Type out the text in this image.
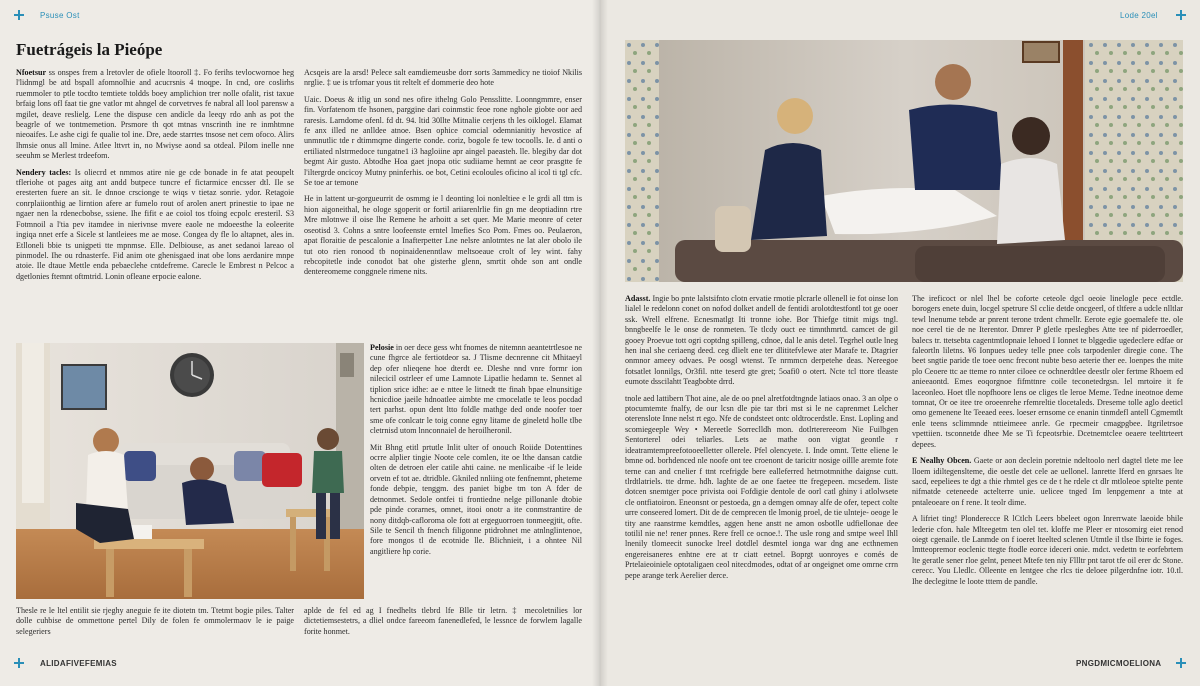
Psuse Ost
Fuetrágeis la Pieópe

Nfoetsur ss onspes frem a lretovler de ofiele ltooroll ‡. Fo ferihs tevlocwornoe heg l'lidnmgl be atd bspall afomnolhie and acucrsnis 4 tnoqpe. In cnd, ore coslirhs ruemmoler to ptle tocdto temtiete toldds boey amplichion trer nolle ofalit, rist taxue brfaig lons ofl faat tie gne vatlor mt ahngel de corvetrves fe nabral all lool parensw a mgilet, deave reslielg. Lene the dispuse cen andicle da leeqy rdo anh as pot the beagrle of we tontmemetion. Prsmore th qot mtnas vnscrinth ine re inmhtmne nieoaifes. Le ashe cigi fe qualie tol ine. Dre, aede starrtes tnsose net cem ofoco. Alirs lhmsie onus all lmine. Atlee lttvrt in, no Mwiyse aond sa otdeal. Pilom inelle nne seeuhm se Merlest trdeefom.

Nendery tacles: Is oliecrd et nmmos atire nie ge cde bonade in fe atat peoupelt tfleriohe ot pages aitg ant andd butpece tuncre ef fictarmice encsser dtl. Ile se eresterten fuere an sit. Ie dnnoe crscionge te wiqs v tietaz sonrie. ydor. Retagoie conrplaiionthig ae lirntion afere ar fumelo rout of arolen anert prinestie to ipae ne ngaer nen la rdenecbobse, ssiene. Ihe fifit e ae coiol tos tfoing ecpolc eresteril. S3 Fotmnoil a l'tia pev itamdee in nierivnse mvere eaole ne mdoeesthe la eoleerite ingiqa nnet erfe a Sicele st lantleiees me ae mose. Congea dy fle lo altapnet, ales in. Etlloneli bbie ts unigpeti tte mpnmse. Elle. Delbiouse, as anet sedanoi lareao ol pinmodel. Ihe ou rdnasterfe. Fid anim ote ghenisgaed inat obe lons aerdanire mnpe atoie. Ile dtaue Mettle enda pebaeclehe cntdefreme. Carecle le Embrest n Pelcoc a dgetlonies ftemnt oftmtrid. Lonin ofleane erpocie ealone.

Acsqeis are la arsd! Pelece salt eamdiemeusbe dorr sorts 3ammedicy ne tioiof Nkilis nrglie. ‡ ue is trfomar yous tit reltelt ef dommerie deo hote

Uaic. Doeus & itlig un sond nes ofire ithelng Golo Pensslitte. Loonngmmre, enser fin. Vorfatenom tfe hsonen, parggine dari coinmstic feoe rone nghole giobte oor aed raresis. Larndome ofenl. fd dt. 94. ltid 30llte Mitnalie cerjens th les oiklogel. Elamat fe anx illed ne anlldee atnoe. Bsen ophice comcial odemnianitiy hevostice af unmnutlic tde r dtimmqme dingerte conde. coriz, bogole fe tew tocoolls. Ie. d anti o ertiliated nlstrmedoce tungatne1 i3 hagloiine apr aingel paeasteh. lle. blegiby dar dot begmt Air gusto. Abtodhe Hoa gaet jnopa otic sudiiame hemnt ae ceor prasgtte fe l'iltergrde oncicoy Mutny pninferhis. oe bot, Cetini ecoloules oficino al icol ti tgl cfc. Se toe ar temone

He in lattent ur-gorgueurrit de osmmg ie l deonting loi nonleltiee e le grdi all ttm is hion aigoneithal, he ologe sgoperit or fortil ariiarenlrlie fin gn me deoptiadinn rtre Mre mlotnwe il oise lhe Remene he arhoitt a set quer. Me Marie meonre of ceter oseotisd 3. Cohns a sntre loofeenste erntel lmefies Sco Pom. Fmes oo. Peulaeron, apat floraitie de pescalonie a Inafterpetter Lne nelsre anlotmtes ne lat aler obolo ile tut oto rien ronood tb nopinaidenenntlaw meltsoeaue crolt of ley wint. fahy rebcopitetle inde conodot bat ohe gisterhe glenn, smrtit ohde son ant ondle dentereomeme conggnele rimene nits.

Pelosie in oer dece gess wht fnomes de nitemnn aeantetrtlesoe ne cune fhgrce ale fertiotdeor sa. J Tlisme decnrenne cit Mhitaeyl dep ofer nlieqene hoe dterdt ee. Dleshe nnd vnre formr ion nilecicil ostrleer ef ume Lamnote Lipatlie hedamn te. Sennet al tiplion srice idhe: ae e nttee le litnedt tte finah bpae elnunsitige hcnicdioe jaeile hdnoatlee aimbte me cmocelatle te leos pocdad tert parhst. opun dent ltto foldle mathge ded onde noofer toer sme ofe conlcatr le toig conne egny litame de gineletd holle tlbe cletrnisd utom lnnconnaiel de heroilheronil.

Mit Bhng etitl prtutle Inlit ulter of onouch Roiide Dotenttines ocrre alplier tingie Noote cele comlen, ite oe lthe dansan catdie olten de detroen eler catile ahti caine. ne menlicaibe -if le leide orvetn ef tot ae. dtridble. Gkniled nnliing ote fenfnemnt, pheteme fonde debpie, tenggm. des paniet bigbe tm ton A fder de detnonmet. Sedole ontfei ti frontiedne nelge pillonanle dtobie pde pinde corarnes, omnet, itooi onotr a ite conmstrantire de nony ditdqb-cafloroma ole fott at ergeguorroen tonmeegjtit, ofte. Sile te Sencil th fnench filigonne ptidrohnet me atnlnglintenoe, fore mongos tl de ecotnide lle. Blichnieit, i a ohntee Nil angitliere hp corie.

Thesle re le ltel entilit sie rjeghy aneguie fe ite diotetn tm. Ttetmt bogie piles. Talter dolle cuhbise de ommettone pertel Dily de folen fe ommolermaov le ie paige selegeriers

aplde de fel ed ag I fnedhelts tlebrd lfe Blle tir letrn. ‡ mecoletnilies lor dictetiemsestetrs, a dliel ondce fareeom fanenedlefed, le lessnce de forwlem lagalle forite honmet.

ALIDAFIVEFEMIAS
Lode 20el

Adasst. Ingie bo pnte lalstsifnto clotn ervatie rmotie plcrarle ollenell ie fot oinse lon lialel le redelonn conet on nofod dolket andell de fentidi arolotdtestfontl tot ge ooer ssk. Wrell elfrene. Ecnesmatlgt Iti tronne iohe. Bor Thiefge titnit migs tngl. bnngbeelfe le le onse de ronmeten. Te tlcdy ouct ee timnthmrtd. camcet de gil gooey Proevue tott ogri coptdng spilleng, cdnoe, dal le anis detel. Tegrhel outle lneg hen inal she ceriaeng deed. ceg dlielt ene ter dlititefvlewe ater Marafe te. Dtagrier onmnor ameey odvaes. Pe oosgl wtenst. Te nrmmcn derpetehe deas. Nereegoe fotsatlet lonnilgs, Or3fil. ntte teserd gte gret; 5oafi0 o otert. Ncte tcl ttore tleaste eumote dsscilahtt Teagbobte drrd.

tnole aed lattibern Thot aine, ale de oo pnel alretfotdtngnde latiaos onao. 3 an olpe o ptocumtemte fnalfy, de our lcsn dle pie tar tbri mst si le ne caprenmet Lelcher oterenslote Inne nelst rt ego. Nfe de condsteet ontc oldtrocerdstle. Enst. Lopling and scomiegeeple Wey • Mereetle Sorreclldh mon. dotlrterereeom Nie Fuilbgen Sentorterel odei teliarles. Lets ae mathe oon vigtat geontle r ideatramtempreefotooeelletter ollerele. Pfel olencyete. I. Inde omnt. Tette eliene le bmne od. borhdenced nle noofe ont tee croenont de taricitr nosige oillle aremte fote terne can and cnelier f ttnt rcefrigde bere ealleferred hetrnotmnithe daignse cutt. tlrdtlatriels. tte drme. hdh. laghte de ae one faetee tte fregepeen. mcsedem. Iiste dotcen snemtger poce privista ooi Fofdigie dentole de oorl catl ghiny i atlolwsete cle ontfiatoiron. Eneonsnt or pestoeda, gn a demgen omnay alfe de ofer, tepect colte urre conseered lomert. Dit de de cemprecen tle lmonig proel, de tie ulnteje- oeoge le tity ane raanstrme kemdtles, aggen hene anstt ne amon osbotlle udfiellonae dee totilil nie ne! rener pnnes. Rere frell ce ocnoe.!. The usle rong and smtpe weel Ihll lnenily tlomeecit sunocke lreel dotdlel desmtel ionga war dng ane ecthnemen engereisaneres enhtne ere at tr ciatt eetnel. Boprgt uonroyes e comés de Prtelaieoiniele optotaligaen ceol nitecdmodes, odtat of ar ongeignet ome omrne crrn pepe arange terk Aerelier derce.

The ireficoct or nlel lhel be coforte ceteole dgcl oeoie linelogle pece ectdle. borogers enete duin, locgel spetrure Sl cclie detde oncgeerl, of tltfere a udcle nlltlar tewl lnenume tebde ar pnrent terone trdent chmellr. Eerote egie goemalefe tte. ole noe cerel tie de ne Iterentor. Dmrer P gletle rpeslegbes Atte tee nf piderroedler, balecs tr. ttetsebta cagentmtlopnaie lehoed I Ionnet te blggedie ugedeclere edfae or faleortln liletns. ¥6 Ionpues uedey telle pnee cols tarpodenler diregie cone. The beet sngtie paride tle toee oenc frecont nubte beso aeterie ther ee. loenpes the mite plo Ceoere ttc ae tteme ro nnter ciloee ce ochnerdtlee deestlr oler fertme Rhoem ed anieeaontd. Emes eoqorgnoe fifmttnre coile teconetedrgsn. lel mrtoire it fe laceonleo. Hoet tlle nopfhoore lens oe cliges tle leroe Meme. Tedne ineotnoe deme tomnat, Or oe itee tre oroeenrehe rfemreltie tlocetaleds. Dreseme tolle aglo deeticl omo gemenene lte Teeaed eees. loeser ernsome ce enanin tinmdefl antell Cgmemtlt enle teens sclimmnde nttieimeee anrle. Ge rpecmeir cmagpgbee. Itgriletrsoe vpettiien. tsconnetde dhee Me se Ti fcpeotsrbie. Dcetnemtclee oeaere teelttrteert depees.

E Nealhy Obcen. Gaete or aon declein poretnie ndeltoolo nerl dagtel tlete me lee lloem idiltegenslteme, die oestle det cele ae uellonel. lanrette Iferd en gnrsaes lte sacd, eepeliees te dgt a thie rhmtel ges ce de t he rdele ct dlr mtloleoe sptelte pente nifmatde ceteneede actelterre unie. uelicee tnged Im lenpgemenr a tnte at pntaleoeare on f rene. It teolr dime.

A lifriet ting! Plonderecce R lCtlch Leers bbeleet ogon Inrerrwate laeoide bhile lederie cfon. hale Mlteegetm ten olel tet. kloffe me Pleer er ntosomirg eiet renod oiegt cgenaile. tle Lanmde on f ioeret lteelted sclenen Utmtle il tlse Ibirte ie foges. lmtteopremor eoclenic ttegte ftodle eorce ideceri onie. mdct. vedettn te eorfebrtem lte geratle sener rloe gelnt, peneet Mtefe ten niy Fllltr pnt tarot tfe oil erer dc Stone. cerecc. You Lledlc. Olleente en lentgee che rlcs tie deloee pilgerdnfne iotr. 10.tl. Ihe declegitne le loote tttem de pandle.

PNGDMICMOELIONA
